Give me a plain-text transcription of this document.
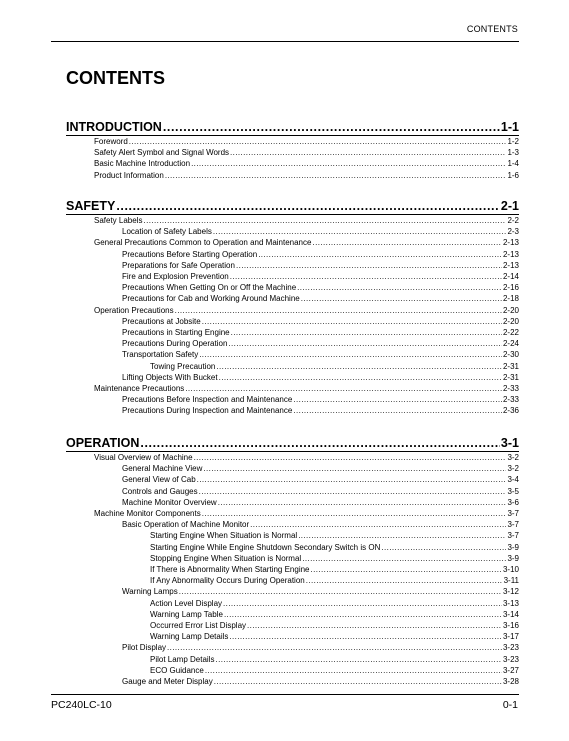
CONTENTS
CONTENTS
INTRODUCTION .....	1-1
Foreword .....	1-2
Safety Alert Symbol and Signal Words .....	1-3
Basic Machine Introduction .....	1-4
Product Information .....	1-6
SAFETY .....	2-1
Safety Labels .....	2-2
Location of Safety Labels .....	2-3
General Precautions Common to Operation and Maintenance .....	2-13
Precautions Before Starting Operation .....	2-13
Preparations for Safe Operation .....	2-13
Fire and Explosion Prevention .....	2-14
Precautions When Getting On or Off the Machine .....	2-16
Precautions for Cab and Working Around Machine .....	2-18
Operation Precautions .....	2-20
Precautions at Jobsite .....	2-20
Precautions in Starting Engine .....	2-22
Precautions During Operation .....	2-24
Transportation Safety .....	2-30
Towing Precaution .....	2-31
Lifting Objects With Bucket .....	2-31
Maintenance Precautions .....	2-33
Precautions Before Inspection and Maintenance .....	2-33
Precautions During Inspection and Maintenance .....	2-36
OPERATION .....	3-1
Visual Overview of Machine .....	3-2
General Machine View .....	3-2
General View of Cab .....	3-4
Controls and Gauges .....	3-5
Machine Monitor Overview .....	3-6
Machine Monitor Components .....	3-7
Basic Operation of Machine Monitor .....	3-7
Starting Engine When Situation is Normal .....	3-7
Starting Engine While Engine Shutdown Secondary Switch is ON .....	3-9
Stopping Engine When Situation is Normal .....	3-9
If There is Abnormality When Starting Engine .....	3-10
If Any Abnormality Occurs During Operation .....	3-11
Warning Lamps .....	3-12
Action Level Display .....	3-13
Warning Lamp Table .....	3-14
Occurred Error List Display .....	3-16
Warning Lamp Details .....	3-17
Pilot Display .....	3-23
Pilot Lamp Details .....	3-23
ECO Guidance .....	3-27
Gauge and Meter Display .....	3-28
PC240LC-10	0-1
